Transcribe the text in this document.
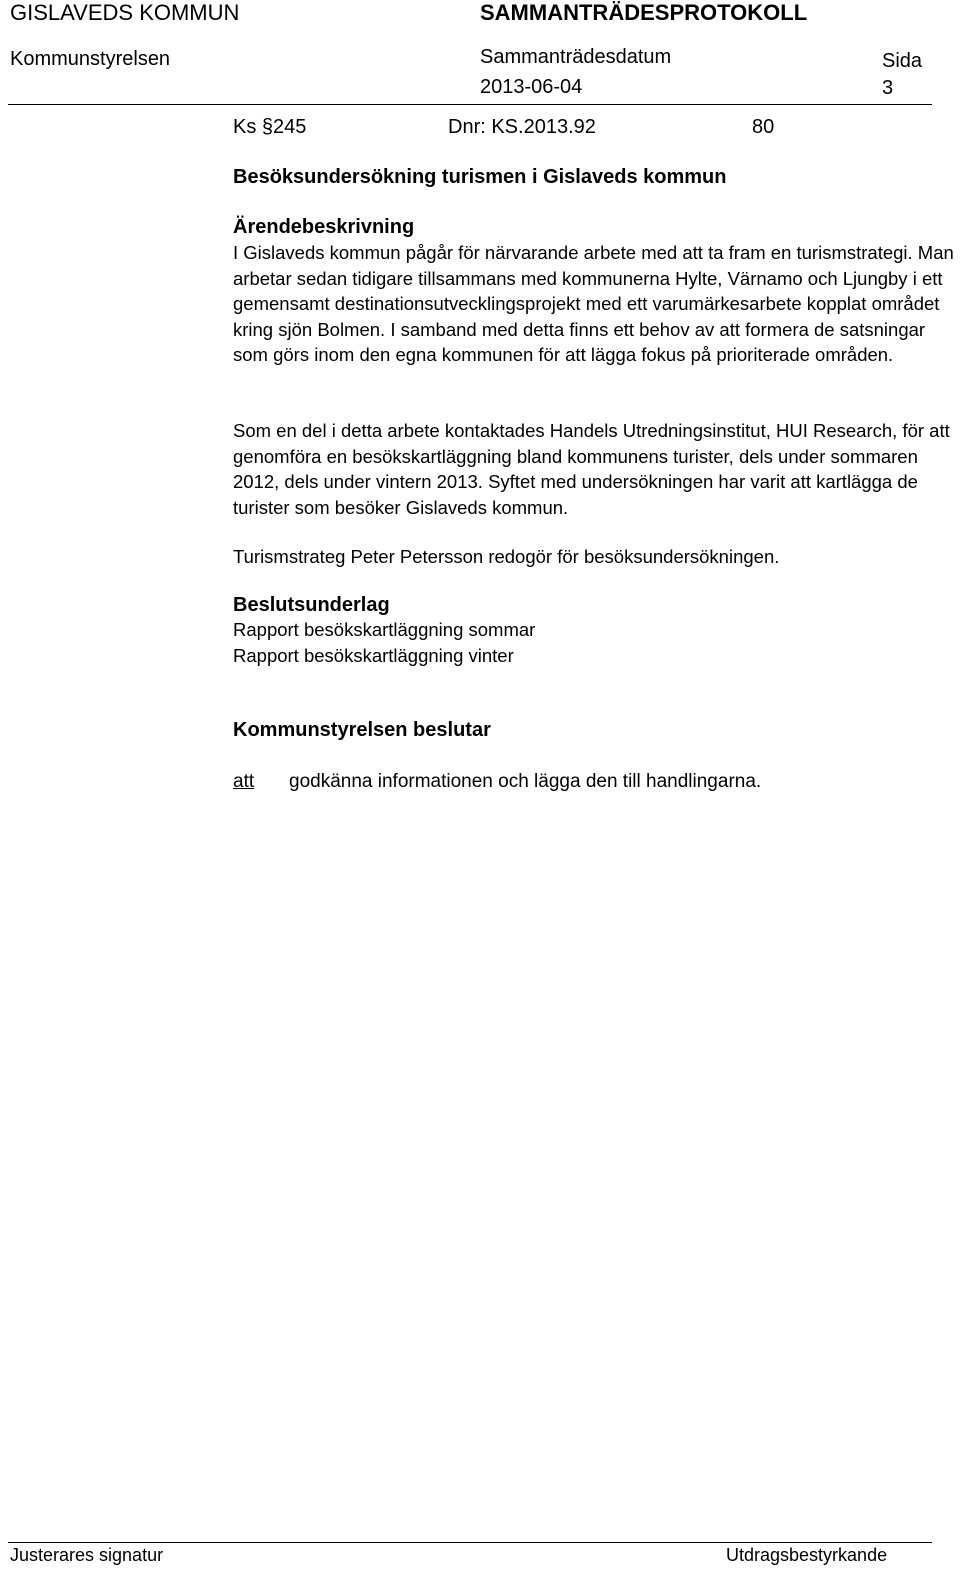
GISLAVEDS KOMMUN	SAMMANTRÄDESPROTOKOLL
Kommunstyrelsen	Sammanträdesdatum
2013-06-04
Sida
3
Ks §245	Dnr: KS.2013.92	80
Besöksundersökning turismen i Gislaveds kommun

Ärendebeskrivning

I Gislaveds kommun pågår för närvarande arbete med att ta fram en turismstrategi. Man arbetar sedan tidigare tillsammans med kommunerna Hylte, Värnamo och Ljungby i ett gemensamt destinationsutvecklingsprojekt med ett varumärkesarbete kopplat området kring sjön Bolmen. I samband med detta finns ett behov av att formera de satsningar som görs inom den egna kommunen för att lägga fokus på prioriterade områden.

Som en del i detta arbete kontaktades Handels Utredningsinstitut, HUI Research, för att genomföra en besökskartläggning bland kommunens turister, dels under sommaren 2012, dels under vintern 2013. Syftet med undersökningen har varit att kartlägga de turister som besöker Gislaveds kommun.

Turismstrateg Peter Petersson redogör för besöksundersökningen.

Beslutsunderlag

Rapport besökskartläggning sommar

Rapport besökskartläggning vinter

Kommunstyrelsen beslutar

att godkänna informationen och lägga den till handlingarna.
Justerares signatur	Utdragsbestyrkande
